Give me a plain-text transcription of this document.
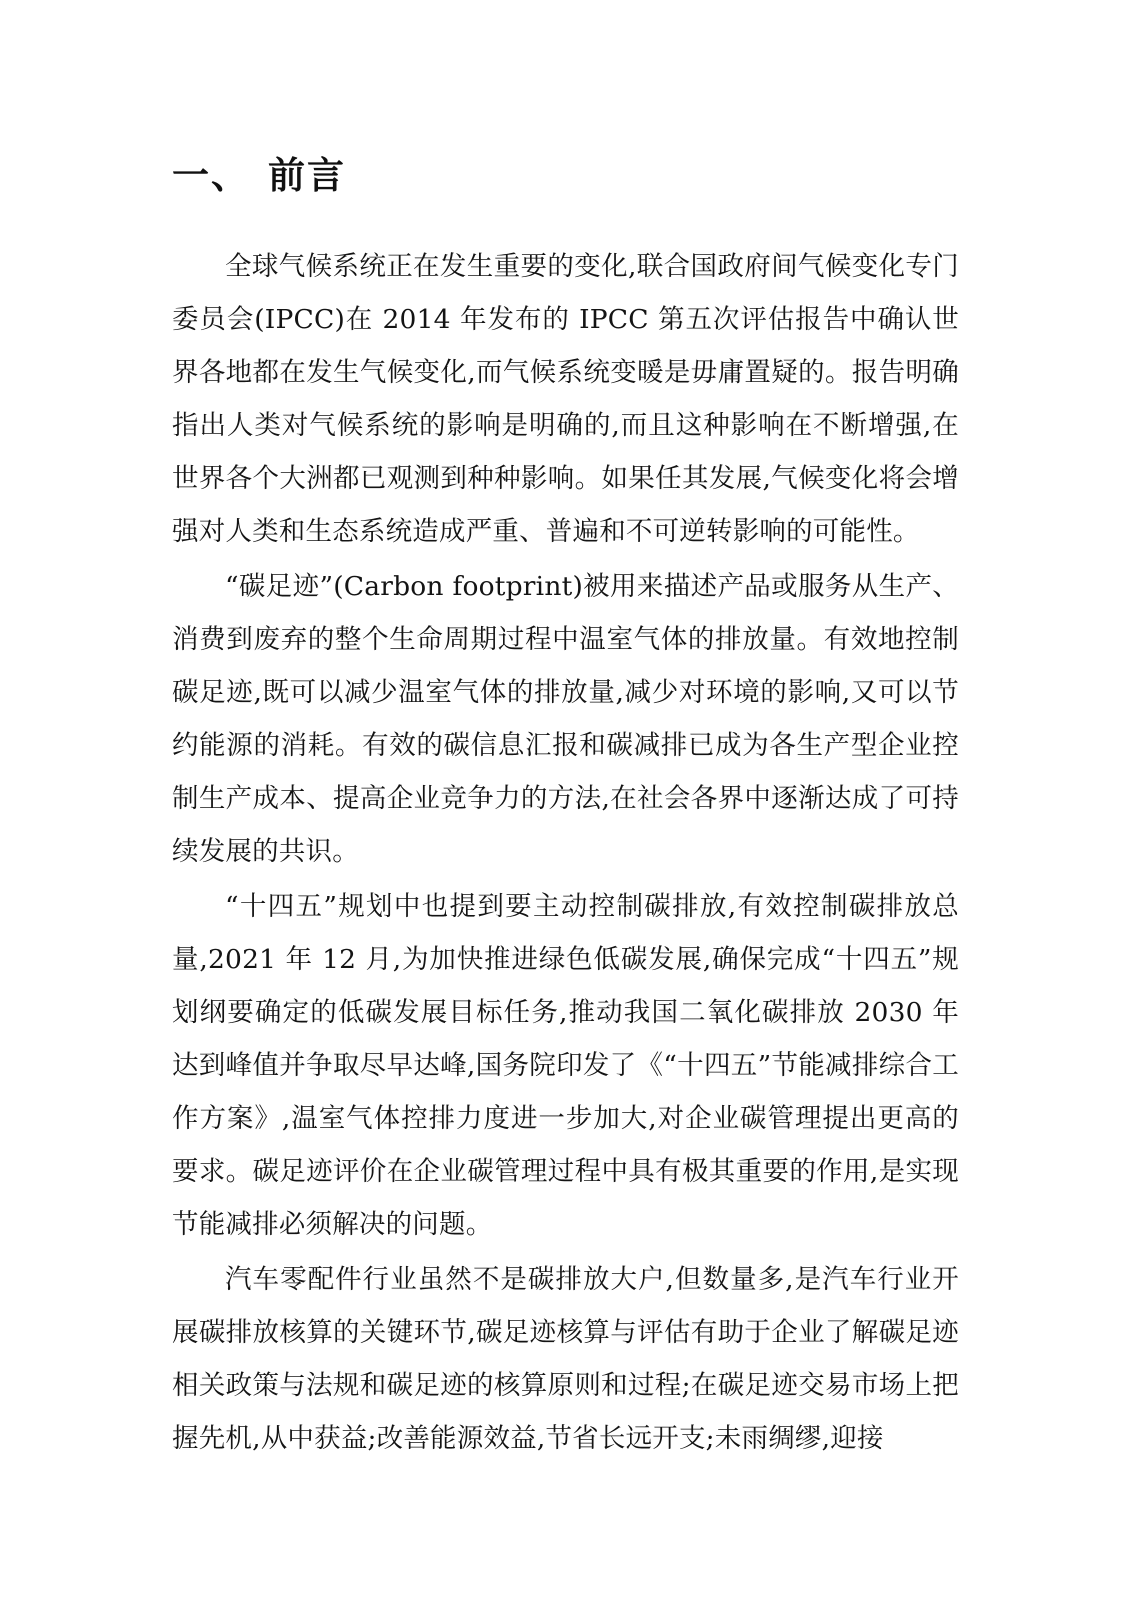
一、 前言

全球气候系统正在发生重要的变化,联合国政府间气候变化专门委员会(IPCC)在 2014 年发布的 IPCC 第五次评估报告中确认世界各地都在发生气候变化,而气候系统变暖是毋庸置疑的。报告明确指出人类对气候系统的影响是明确的,而且这种影响在不断增强,在世界各个大洲都已观测到种种影响。如果任其发展,气候变化将会增强对人类和生态系统造成严重、普遍和不可逆转影响的可能性。

“碳足迹”(Carbon footprint)被用来描述产品或服务从生产、消费到废弃的整个生命周期过程中温室气体的排放量。有效地控制碳足迹,既可以减少温室气体的排放量,减少对环境的影响,又可以节约能源的消耗。有效的碳信息汇报和碳减排已成为各生产型企业控制生产成本、提高企业竞争力的方法,在社会各界中逐渐达成了可持续发展的共识。

“十四五”规划中也提到要主动控制碳排放,有效控制碳排放总量,2021 年 12 月,为加快推进绿色低碳发展,确保完成“十四五”规划纲要确定的低碳发展目标任务,推动我国二氧化碳排放 2030 年达到峰值并争取尽早达峰,国务院印发了《“十四五”节能减排综合工作方案》,温室气体控排力度进一步加大,对企业碳管理提出更高的要求。碳足迹评价在企业碳管理过程中具有极其重要的作用,是实现节能减排必须解决的问题。

汽车零配件行业虽然不是碳排放大户,但数量多,是汽车行业开展碳排放核算的关键环节,碳足迹核算与评估有助于企业了解碳足迹相关政策与法规和碳足迹的核算原则和过程;在碳足迹交易市场上把握先机,从中获益;改善能源效益,节省长远开支;未雨绸缪,迎接
